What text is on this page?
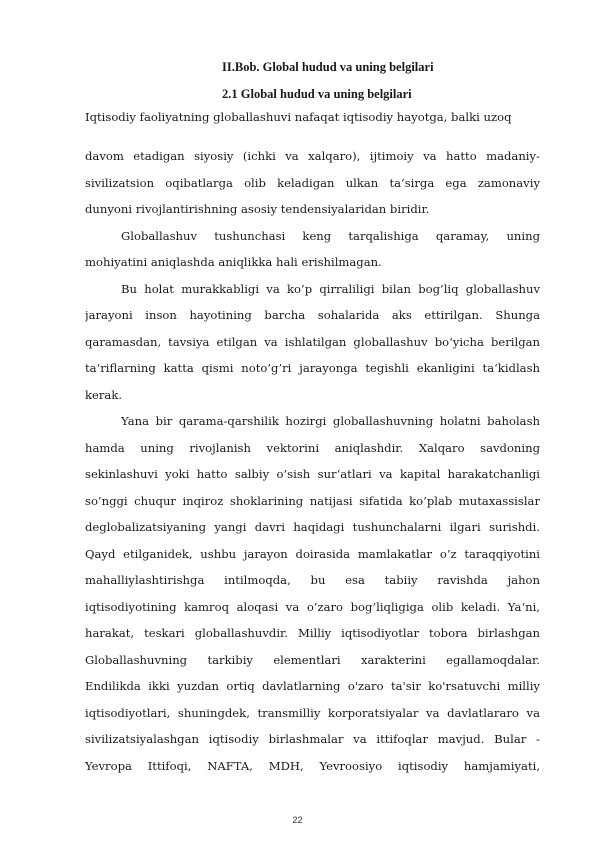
II.Bob. Global hudud va uning belgilari
2.1 Global hudud va uning belgilari
Iqtisodiy faoliyatning globallashuvi nafaqat iqtisodiy hayotga, balki uzoq
davom etadigan siyosiy (ichki va xalqaro), ijtimoiy va hatto madaniy-
sivilizatsion oqibatlarga olib keladigan ulkan ta‘sirga ega zamonaviy
dunyoni rivojlantirishning asosiy tendensiyalaridan biridir.
Globallashuv tushunchasi keng tarqalishiga qaramay, uning
mohiyatini aniqlashda aniqlikka hali erishilmagan.
Bu holat murakkabligi va ko’p qirraliligi bilan bog’liq globallashuv
jarayoni inson hayotining barcha sohalarida aks ettirilgan. Shunga
qaramasdan, tavsiya etilgan va ishlatilgan globallashuv bo‘yicha berilgan
ta‘riflarning katta qismi noto’g’ri jarayonga tegishli ekanligini ta‘kidlash
kerak.
Yana bir qarama-qarshilik hozirgi globallashuvning holatni baholash
hamda uning rivojlanish vektorini aniqlashdir. Xalqaro savdoning
sekinlashuvi yoki hatto salbiy o’sish sur‘atlari va kapital harakatchanligi
so’nggi chuqur inqiroz shoklarining natijasi sifatida ko’plab mutaxassislar
deglobalizatsiyaning yangi davri haqidagi tushunchalarni ilgari surishdi.
Qayd etilganidek, ushbu jarayon doirasida mamlakatlar o’z taraqqiyotini
mahalliylashtirishga intilmoqda, bu esa tabiiy ravishda jahon
iqtisodiyotining kamroq aloqasi va o’zaro bog’liqligiga olib keladi. Ya‘ni,
harakat, teskari globallashuvdir. Milliy iqtisodiyotlar tobora birlashgan
Globallashuvning tarkibiy elementlari xarakterini egallamoqdalar.
Endilikda ikki yuzdan ortiq davlatlarning o'zaro ta'sir ko'rsatuvchi milliy
iqtisodiyotlari, shuningdek, transmilliy korporatsiyalar va davlatlararo va
sivilizatsiyalashgan iqtisodiy birlashmalar va ittifoqlar mavjud. Bular -
Yevropa Ittifoqi, NAFTA, MDH, Yevroosiyo iqtisodiy hamjamiyati,
22
